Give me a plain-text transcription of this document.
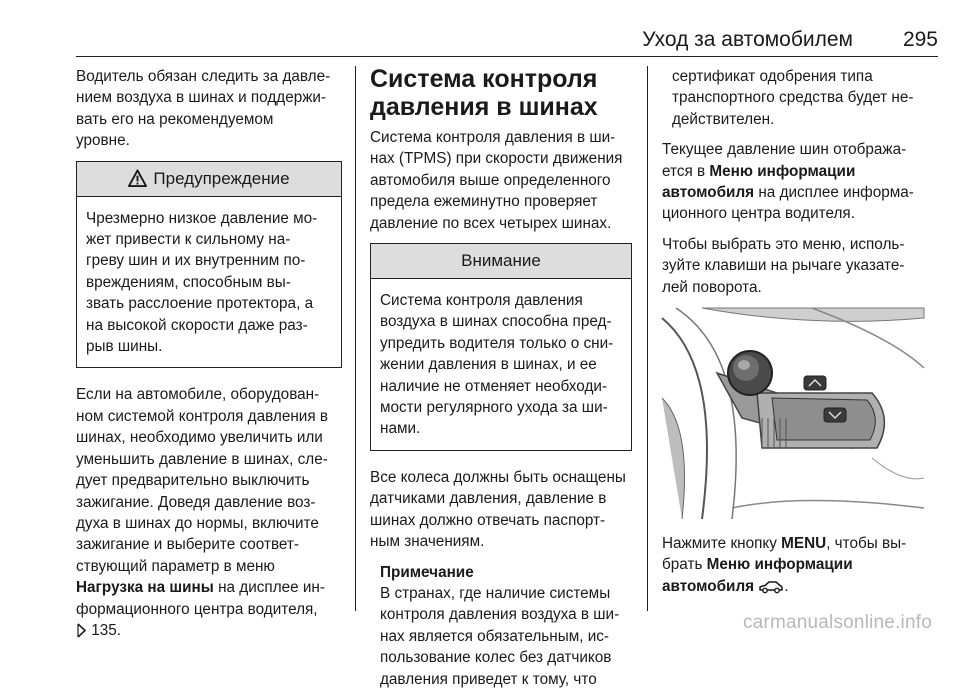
Уход за автомобилем 295

Водитель обязан следить за давле-
нием воздуха в шинах и поддержи-
вать его на рекомендуемом
уровне.

Предупреждение
Чрезмерно низкое давление мо-
жет привести к сильному на-
греву шин и их внутренним по-
вреждениям, способным вы-
звать расслоение протектора, а
на высокой скорости даже раз-
рыв шины.

Если на автомобиле, оборудован-
ном системой контроля давления в
шинах, необходимо увеличить или
уменьшить давление в шинах, сле-
дует предварительно выключить
зажигание. Доведя давление воз-
духа в шинах до нормы, включите
зажигание и выберите соответ-
ствующий параметр в меню
Нагрузка на шины на дисплее ин-
формационного центра водителя,
135.

Система контроля
давления в шинах

Система контроля давления в ши-
нах (TPMS) при скорости движения
автомобиля выше определенного
предела ежеминутно проверяет
давление по всех четырех шинах.

Внимание
Система контроля давления
воздуха в шинах способна пред-
упредить водителя только о сни-
жении давления в шинах, и ее
наличие не отменяет необходи-
мости регулярного ухода за ши-
нами.

Все колеса должны быть оснащены
датчиками давления, давление в
шинах должно отвечать паспорт-
ным значениям.

Примечание
В странах, где наличие системы
контроля давления воздуха в ши-
нах является обязательным, ис-
пользование колес без датчиков
давления приведет к тому, что

сертификат одобрения типа
транспортного средства будет не-
действителен.

Текущее давление шин отобража-
ется в Меню информации
автомобиля на дисплее информа-
ционного центра водителя.

Чтобы выбрать это меню, исполь-
зуйте клавиши на рычаге указате-
лей поворота.

Нажмите кнопку MENU, чтобы вы-
брать Меню информации
автомобиля .

carmanualsonline.info
